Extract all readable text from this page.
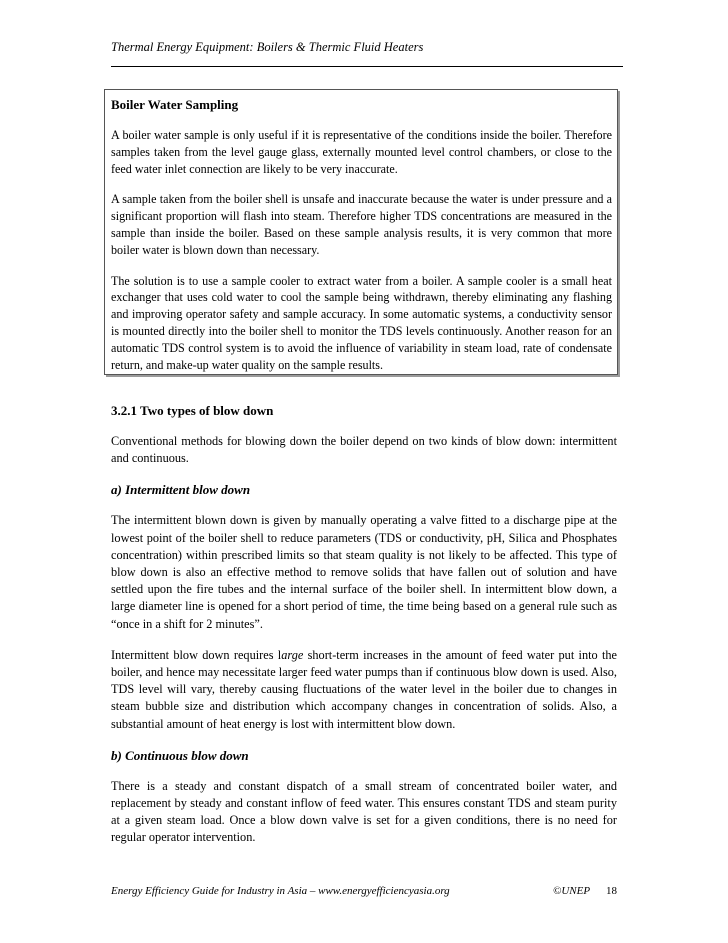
Thermal Energy Equipment: Boilers & Thermic Fluid Heaters
Boiler Water Sampling

A boiler water sample is only useful if it is representative of the conditions inside the boiler. Therefore samples taken from the level gauge glass, externally mounted level control chambers, or close to the feed water inlet connection are likely to be very inaccurate.

A sample taken from the boiler shell is unsafe and inaccurate because the water is under pressure and a significant proportion will flash into steam. Therefore higher TDS concentrations are measured in the sample than inside the boiler. Based on these sample analysis results, it is very common that more boiler water is blown down than necessary.

The solution is to use a sample cooler to extract water from a boiler. A sample cooler is a small heat exchanger that uses cold water to cool the sample being withdrawn, thereby eliminating any flashing and improving operator safety and sample accuracy. In some automatic systems, a conductivity sensor is mounted directly into the boiler shell to monitor the TDS levels continuously. Another reason for an automatic TDS control system is to avoid the influence of variability in steam load, rate of condensate return, and make-up water quality on the sample results.

3.2.1 Two types of blow down

Conventional methods for blowing down the boiler depend on two kinds of blow down: intermittent and continuous.

a) Intermittent blow down

The intermittent blown down is given by manually operating a valve fitted to a discharge pipe at the lowest point of the boiler shell to reduce parameters (TDS or conductivity, pH, Silica and Phosphates concentration) within prescribed limits so that steam quality is not likely to be affected. This type of blow down is also an effective method to remove solids that have fallen out of solution and have settled upon the fire tubes and the internal surface of the boiler shell. In intermittent blow down, a large diameter line is opened for a short period of time, the time being based on a general rule such as “once in a shift for 2 minutes”.

Intermittent blow down requires large short-term increases in the amount of feed water put into the boiler, and hence may necessitate larger feed water pumps than if continuous blow down is used. Also, TDS level will vary, thereby causing fluctuations of the water level in the boiler due to changes in steam bubble size and distribution which accompany changes in concentration of solids. Also, a substantial amount of heat energy is lost with intermittent blow down.

b) Continuous blow down

There is a steady and constant dispatch of a small stream of concentrated boiler water, and replacement by steady and constant inflow of feed water. This ensures constant TDS and steam purity at a given steam load. Once a blow down valve is set for a given conditions, there is no need for regular operator intervention.

Energy Efficiency Guide for Industry in Asia – www.energyefficiencyasia.org	©UNEP 18
